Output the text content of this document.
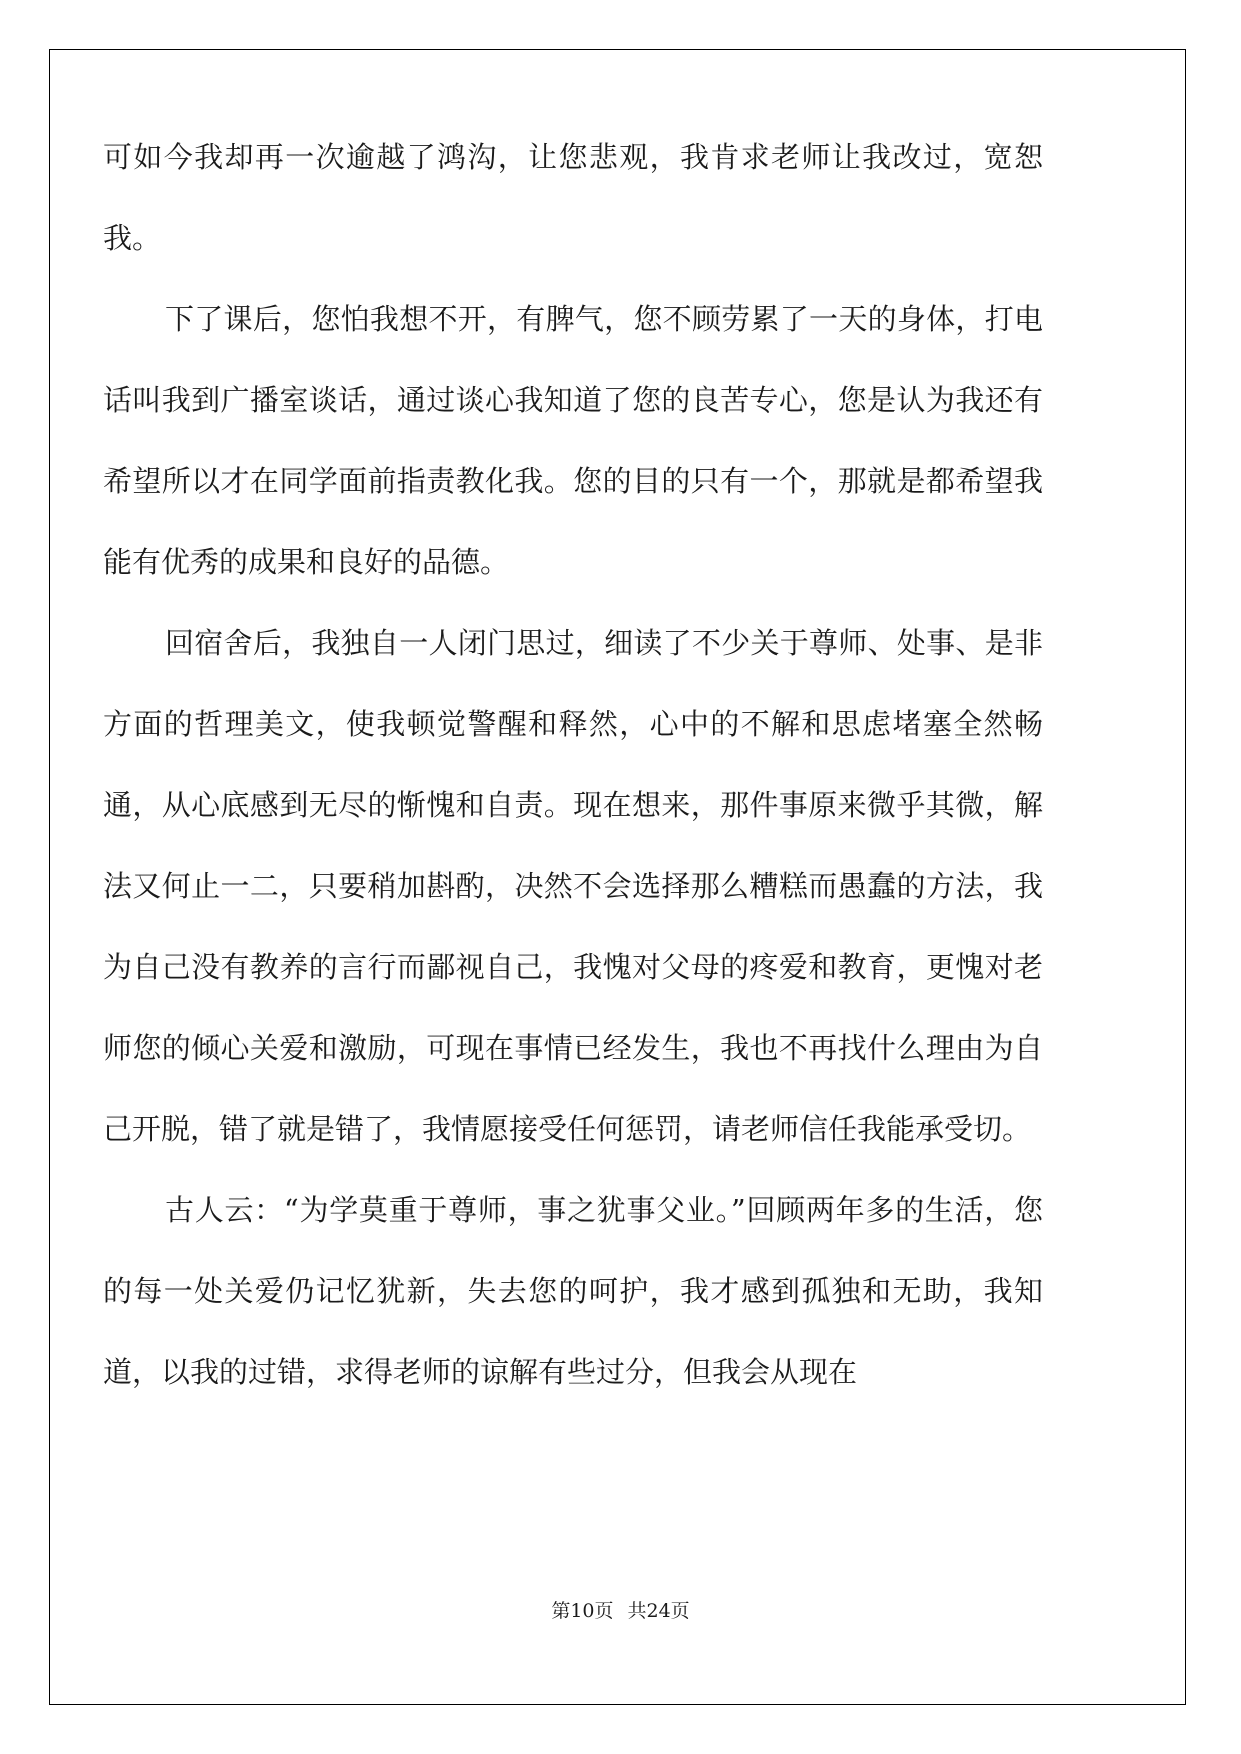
可如今我却再一次逾越了鸿沟，让您悲观，我肯求老师让我改过，宽恕我。

下了课后，您怕我想不开，有脾气，您不顾劳累了一天的身体，打电话叫我到广播室谈话，通过谈心我知道了您的良苦专心，您是认为我还有希望所以才在同学面前指责教化我。您的目的只有一个，那就是都希望我能有优秀的成果和良好的品德。

回宿舍后，我独自一人闭门思过，细读了不少关于尊师、处事、是非方面的哲理美文，使我顿觉警醒和释然，心中的不解和思虑堵塞全然畅通，从心底感到无尽的惭愧和自责。现在想来，那件事原来微乎其微，解法又何止一二，只要稍加斟酌，决然不会选择那么糟糕而愚蠢的方法，我为自己没有教养的言行而鄙视自己，我愧对父母的疼爱和教育，更愧对老师您的倾心关爱和激励，可现在事情已经发生，我也不再找什么理由为自己开脱，错了就是错了，我情愿接受任何惩罚，请老师信任我能承受切。

古人云：“为学莫重于尊师，事之犹事父业。”回顾两年多的生活，您的每一处关爱仍记忆犹新，失去您的呵护，我才感到孤独和无助，我知道，以我的过错，求得老师的谅解有些过分，但我会从现在

第10页 共24页
